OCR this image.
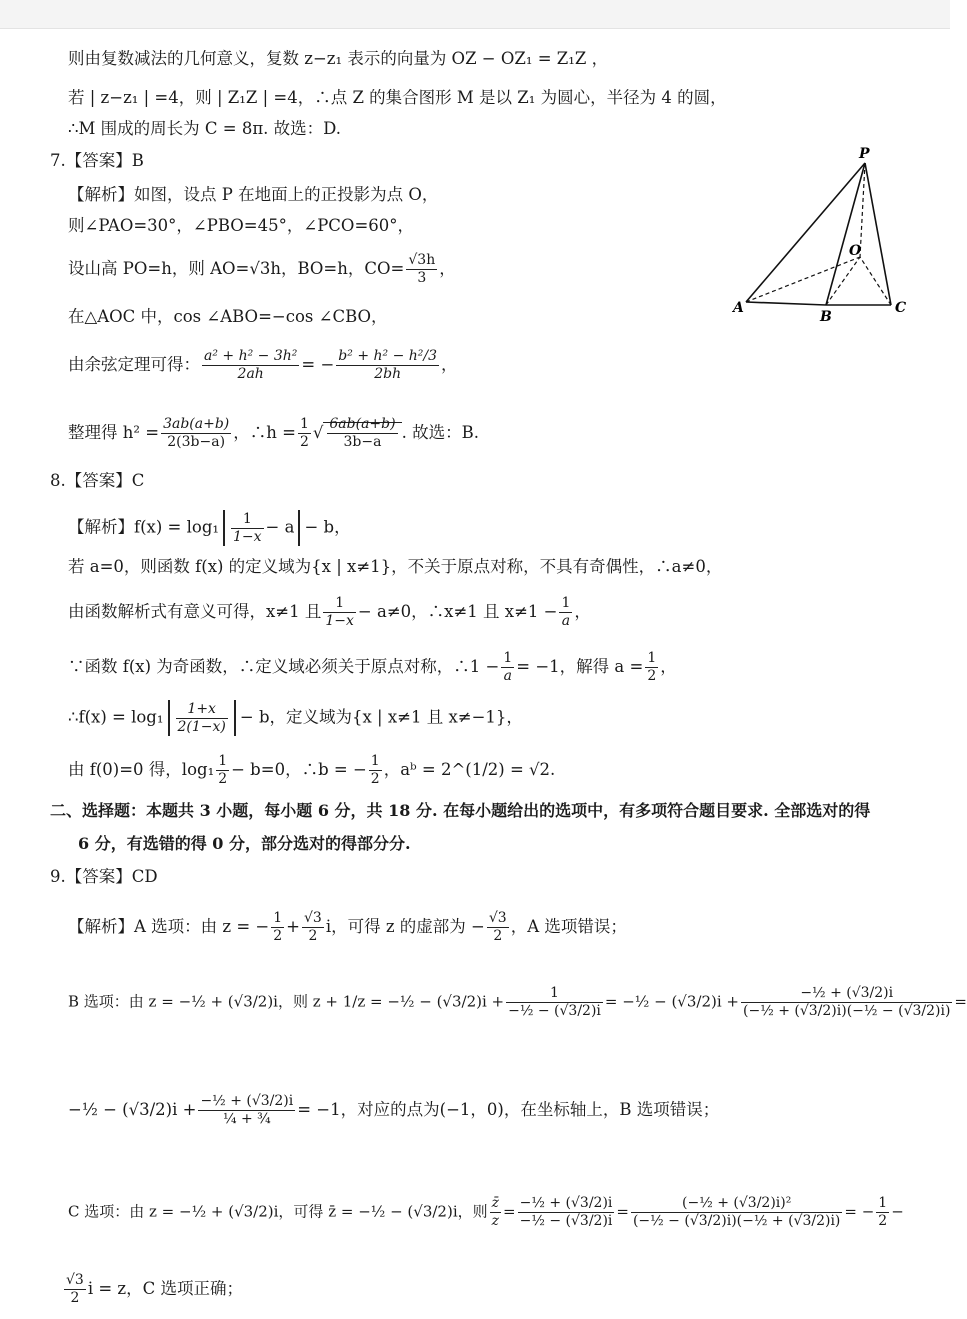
则由复数减法的几何意义，复数 z−z₁ 表示的向量为 OZ − OZ₁ = Z₁Z ，
若 | z−z₁ | =4，则 | Z₁Z | =4，∴点 Z 的集合图形 M 是以 Z₁ 为圆心，半径为 4 的圆，
∴M 围成的周长为 C = 8π. 故选：D.
7.【答案】B
【解析】如图，设点 P 在地面上的正投影为点 O，
则∠PAO=30°，∠PBO=45°，∠PCO=60°，
设山高 PO=h，则 AO=√3h，BO=h，$CO= \frac{√3h}{3}$ ，
在△AOC 中，cos ∠ABO=−cos ∠CBO，
由余弦定理可得： $\frac{\text{a² + h² − 3h²}}{2ah}$ = − $\frac{\text{b² + h² − h²/3}}{2bh}$ ，
整理得 $h^2 = \frac{3ab(a+b)}{2(3b-a)}$ ，∴h = $\frac{1}{2}$ √ $\frac{6ab(a+b)}{3b-a}$ . 故选：B.
P
O
A
B
C
8.【答案】C
【解析】$f(x) = \log_1 \frac{1}{1-x} - a - b$，
若 a=0，则函数 f(x) 的定义域为{x | x≠1}，不关于原点对称，不具有奇偶性，∴a≠0，
由函数解析式有意义可得，x≠1 且 $\frac{1}{1-x} - a\ne 0$，∴x≠1 且 $x\ne 1 - \frac{1}{a}$ ，
∵函数 f(x) 为奇函数，∴定义域必须关于原点对称，∴1 − $\frac{1}{a} = -1$，解得 $a = \frac{1}{2}$ ，
∴f(x) = $\log_1 \frac{1+x}{2(1-x)} - b$，定义域为{x | x≠1 且 x≠−1}，
由 f(0)=0 得，$\log_1 \frac{1}{2} - b=0$，∴b = − $\frac{1}{2}$ ，aᵇ = 2^(1/2) = √2.
二、选择题：本题共 3 小题，每小题 6 分，共 18 分. 在每小题给出的选项中，有多项符合题目要求. 全部选对的得
6 分，有选错的得 0 分，部分选对的得部分分.
9.【答案】CD
【解析】A 选项：由 z = − $\frac{1}{2} + \frac{√3}{2}$ i，可得 z 的虚部为 − $\frac{√3}{2}$ ，A 选项错误；
B 选项：由 z = −½ + (√3/2)i，则 z + 1/z = −½ − $(√3/2)i + \frac{1}{\text{−½ − (√3/2)i}}$ = −½ − $(√3/2)i + \frac{\text{−½ + (√3/2)i}}{\text{(−½ + (√3/2)i)(−½ − (√3/2)i)}}$ =
−½ − $(√3/2)i + \frac{\text{−½ + (√3/2)i}}{\text{¼ + ¾}} = -1$，对应的点为(−1，0)，在坐标轴上，B 选项错误；
C 选项：由 z = −½ + (√3/2)i，可得 z̄ = −½ − (√3/2)i，则 $\frac{z̄}{z} = \frac{\text{−½ + (√3/2)i}}{\text{−½ − (√3/2)i}} = \frac{\text{(−½ + (√3/2)i)²}}{\text{(−½ − (√3/2)i)(−½ + (√3/2)i)}}$ = − $\frac{1}{2}$ −
$\frac{√3}{2}$ i = z，C 选项正确；
